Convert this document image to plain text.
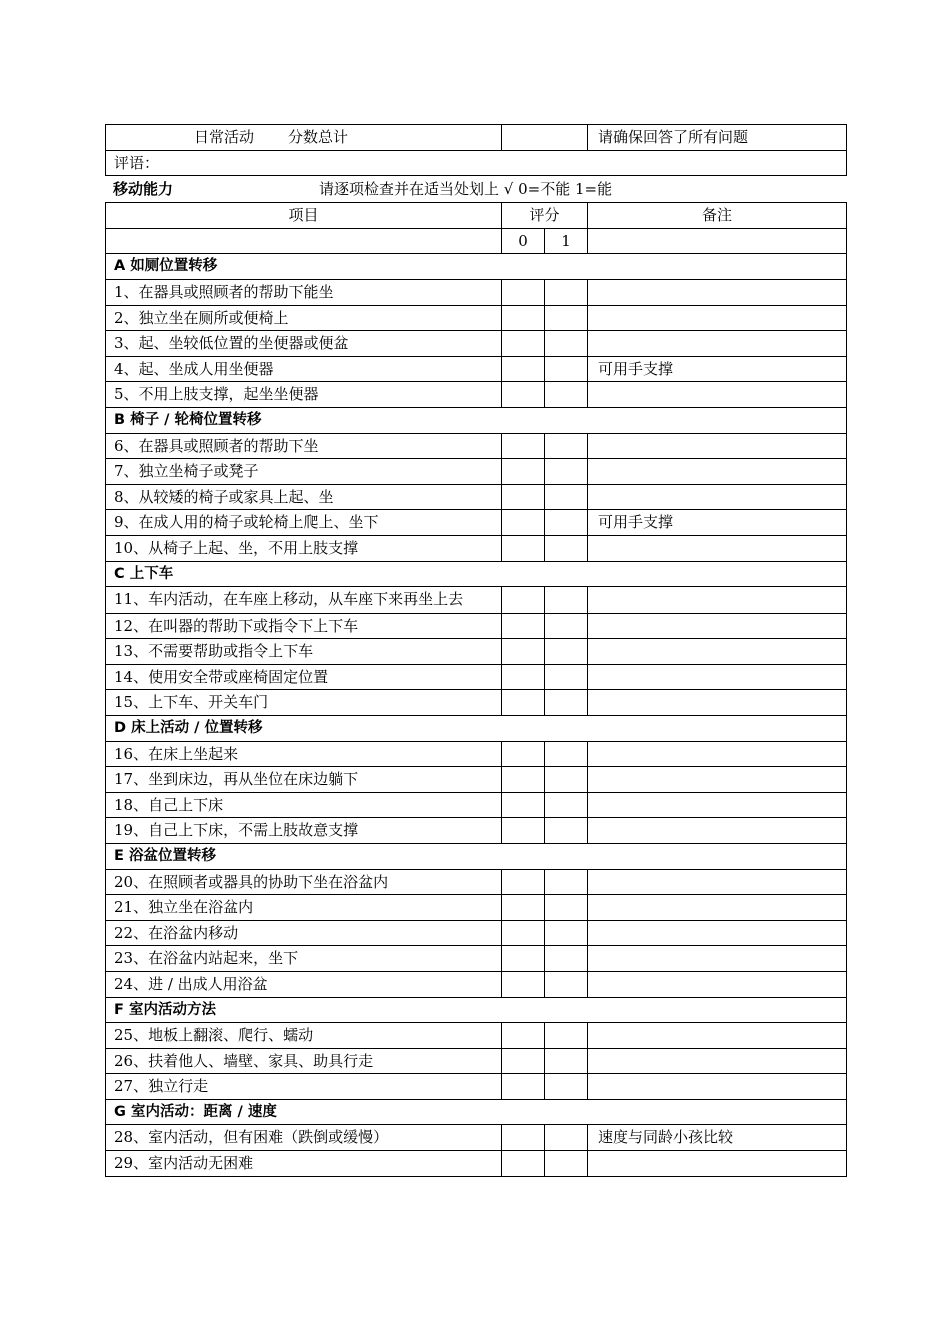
日常活动 分数总计		请确保回答了所有问题
评语：
移动能力	请逐项检查并在适当处划上 √ 0=不能 1=能
项目	评分		备注
	0	1	
A 如厕位置转移			
1、在器具或照顾者的帮助下能坐			
2、独立坐在厕所或便椅上			
3、起、坐较低位置的坐便器或便盆			
4、起、坐成人用坐便器			可用手支撑
5、不用上肢支撑，起坐坐便器			
B 椅子 / 轮椅位置转移			
6、在器具或照顾者的帮助下坐			
7、独立坐椅子或凳子			
8、从较矮的椅子或家具上起、坐			
9、在成人用的椅子或轮椅上爬上、坐下			可用手支撑
10、从椅子上起、坐，不用上肢支撑			
C 上下车			
11、车内活动，在车座上移动，从车座下来再坐上去			
12、在叫器的帮助下或指令下上下车			
13、不需要帮助或指令上下车			
14、使用安全带或座椅固定位置			
15、上下车、开关车门			
D 床上活动 / 位置转移			
16、在床上坐起来			
17、坐到床边，再从坐位在床边躺下			
18、自己上下床			
19、自己上下床，不需上肢故意支撑			
E 浴盆位置转移			
20、在照顾者或器具的协助下坐在浴盆内			
21、独立坐在浴盆内			
22、在浴盆内移动			
23、在浴盆内站起来，坐下			
24、进 / 出成人用浴盆			
F 室内活动方法			
25、地板上翻滚、爬行、蠕动			
26、扶着他人、墙壁、家具、助具行走			
27、独立行走			
G 室内活动：距离 / 速度			
28、室内活动，但有困难（跌倒或缓慢）			速度与同龄小孩比较
29、室内活动无困难			
